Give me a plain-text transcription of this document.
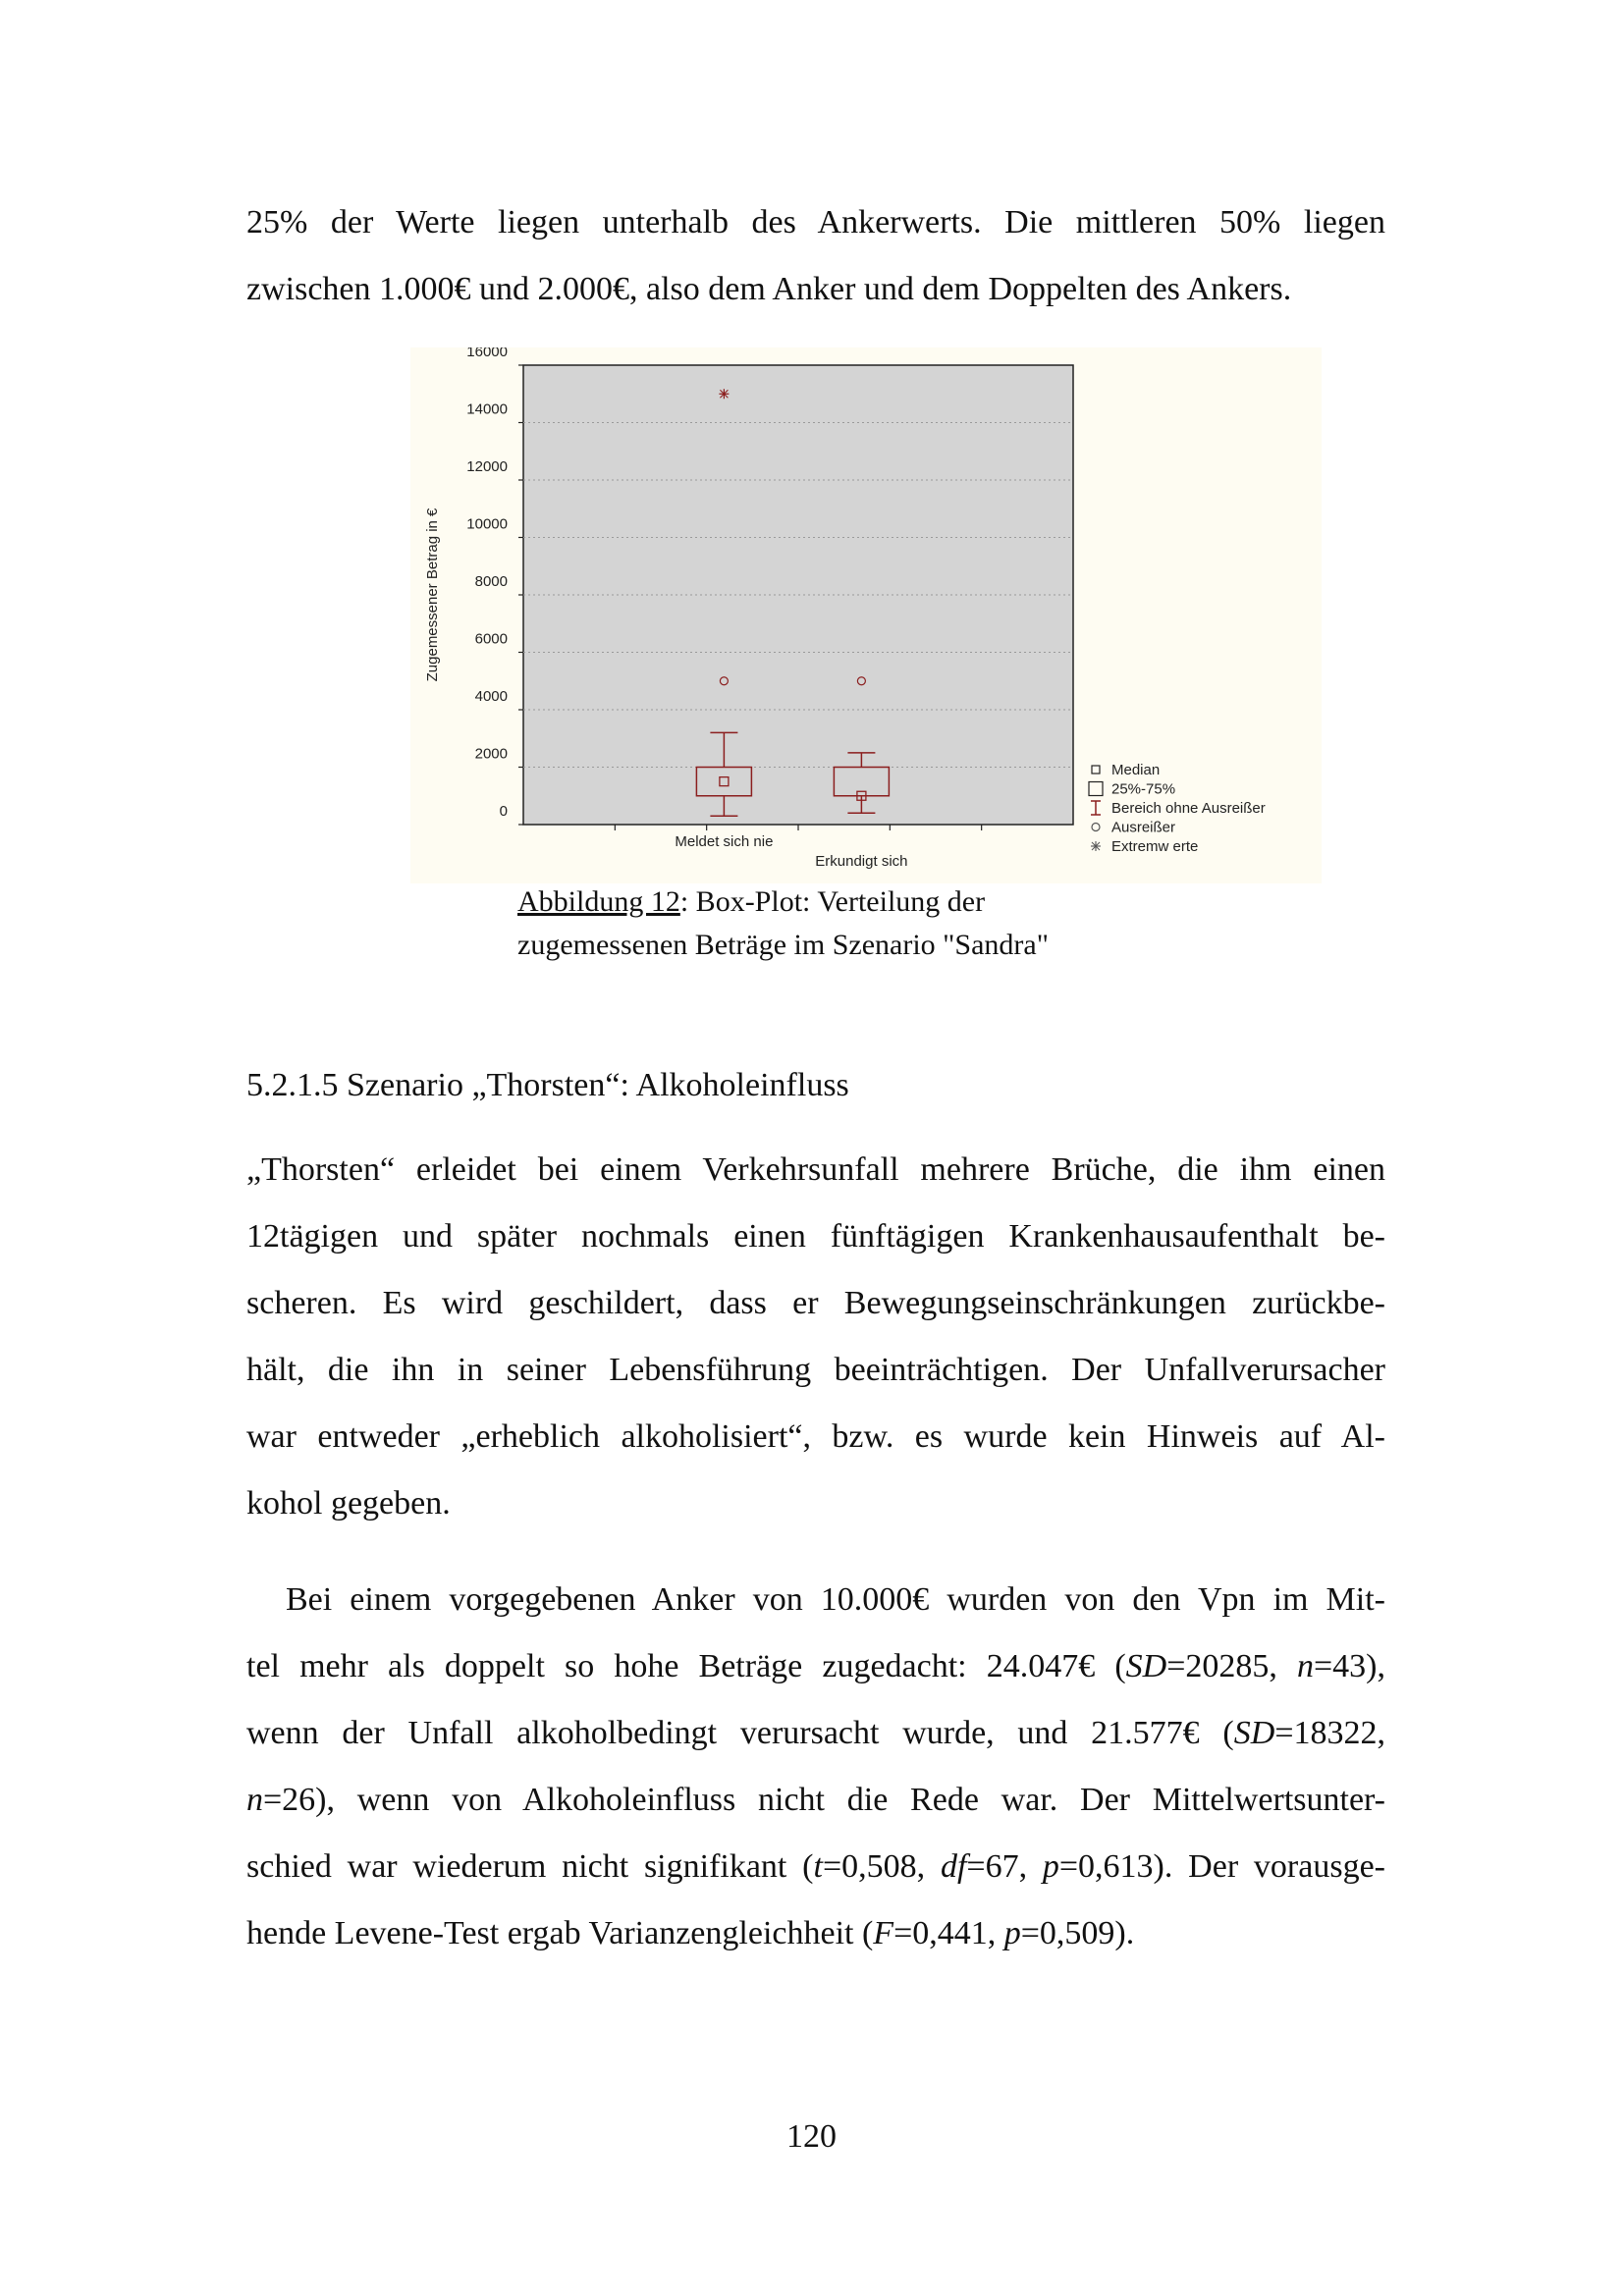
25% der Werte liegen unterhalb des Ankerwerts. Die mittleren 50% liegen
zwischen 1.000€ und 2.000€, also dem Anker und dem Doppelten des Ankers.

Zugemessener Betrag in €
16000
14000
12000
10000
8000
6000
4000
2000
0
Meldet sich nie
Erkundigt sich
Median
25%-75%
Bereich ohne Ausreißer
Ausreißer
Extremw erte

Abbildung 12: Box-Plot: Verteilung der
zugemessenen Beträge im Szenario "Sandra"

5.2.1.5 Szenario „Thorsten“: Alkoholeinfluss

„Thorsten“ erleidet bei einem Verkehrsunfall mehrere Brüche, die ihm einen
12tägigen und später nochmals einen fünftägigen Krankenhausaufenthalt be-
scheren. Es wird geschildert, dass er Bewegungseinschränkungen zurückbe-
hält, die ihn in seiner Lebensführung beeinträchtigen. Der Unfallverursacher
war entweder „erheblich alkoholisiert“, bzw. es wurde kein Hinweis auf Al-
kohol gegeben.

Bei einem vorgegebenen Anker von 10.000€ wurden von den Vpn im Mit-
tel mehr als doppelt so hohe Beträge zugedacht: 24.047€ (SD=20285, n=43),
wenn der Unfall alkoholbedingt verursacht wurde, und 21.577€ (SD=18322,
n=26), wenn von Alkoholeinfluss nicht die Rede war. Der Mittelwertsunter-
schied war wiederum nicht signifikant (t=0,508, df=67, p=0,613). Der vorausge-
hende Levene-Test ergab Varianzengleichheit (F=0,441, p=0,509).

120
